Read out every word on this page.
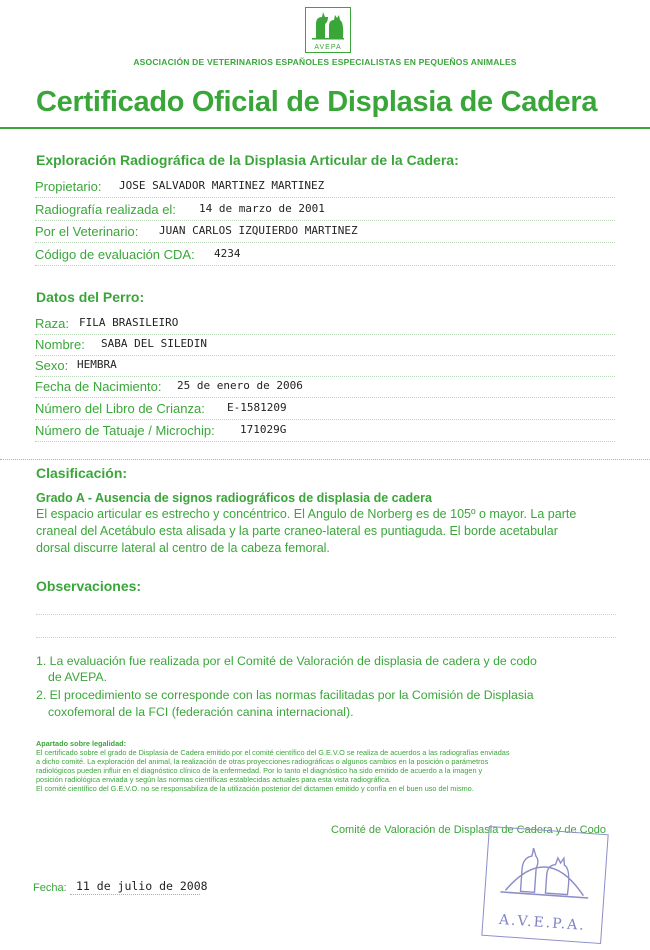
AVEPA
ASOCIACIÓN DE VETERINARIOS ESPAÑOLES ESPECIALISTAS EN PEQUEÑOS ANIMALES
Certificado Oficial de Displasia de Cadera
Exploración Radiográfica de la Displasia Articular de la Cadera:
Propietario: JOSE SALVADOR MARTINEZ MARTINEZ
Radiografía realizada el: 14 de marzo de 2001
Por el Veterinario: JUAN CARLOS IZQUIERDO MARTINEZ
Código de evaluación CDA: 4234
Datos del Perro:
Raza: FILA BRASILEIRO
Nombre: SABA DEL SILEDIN
Sexo: HEMBRA
Fecha de Nacimiento: 25 de enero de 2006
Número del Libro de Crianza: E-1581209
Número de Tatuaje / Microchip: 171029G
Clasificación:
Grado A - Ausencia de signos radiográficos de displasia de cadera
El espacio articular es estrecho y concéntrico. El Angulo de Norberg es de 105º o mayor. La parte
craneal del Acetábulo esta alisada y la parte craneo-lateral es puntiaguda. El borde acetabular
dorsal discurre lateral al centro de la cabeza femoral.
Observaciones:
1. La evaluación fue realizada por el Comité de Valoración de displasia de cadera y de codo
de AVEPA.
2. El procedimiento se corresponde con las normas facilitadas por la Comisión de Displasia
coxofemoral de la FCI (federación canina internacional).
Apartado sobre legalidad:
El certificado sobre el grado de Displasia de Cadera emitido por el comité científico del G.E.V.O se realiza de acuerdos a las radiografías enviadas
a dicho comité. La exploración del animal, la realización de otras proyecciones radiográficas o algunos cambios en la posición o parámetros
radiológicos pueden influir en el diagnóstico clínico de la enfermedad. Por lo tanto el diagnóstico ha sido emitido de acuerdo a la imagen y
posición radiológica enviada y según las normas científicas establecidas actuales para esta vista radiográfica.
El comité científico del G.E.V.O. no se responsabiliza de la utilización posterior del dictamen emitido y confía en el buen uso del mismo.
Comité de Valoración de Displasia de Cadera y de Codo
A.V.E.P.A.
Fecha: 11 de julio de 2008
